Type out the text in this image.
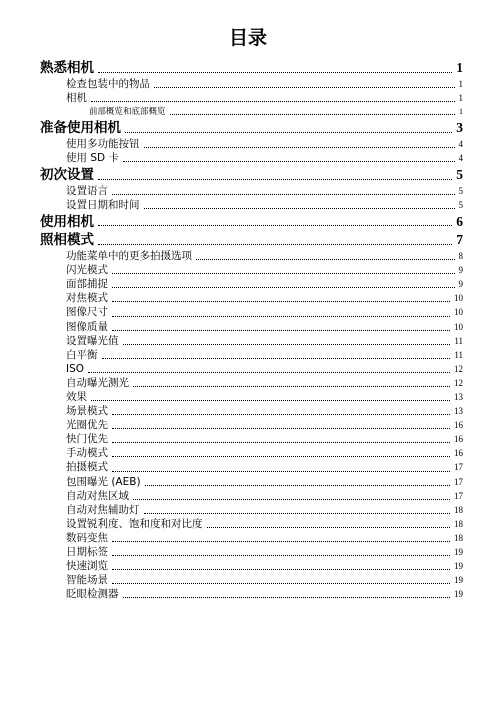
目录
熟悉相机	1
检查包装中的物品	1
相机	1
前部概览和底部概览	1
准备使用相机	3
使用多功能按钮	4
使用 SD 卡	4
初次设置	5
设置语言	5
设置日期和时间	5
使用相机	6
照相模式	7
功能菜单中的更多拍摄选项	8
闪光模式	9
面部捕捉	9
对焦模式	10
图像尺寸	10
图像质量	10
设置曝光值	11
白平衡	11
ISO	12
自动曝光测光	12
效果	13
场景模式	13
光圈优先	16
快门优先	16
手动模式	16
拍摄模式	17
包围曝光 (AEB)	17
自动对焦区域	17
自动对焦辅助灯	18
设置锐利度、饱和度和对比度	18
数码变焦	18
日期标签	19
快速浏览	19
智能场景	19
眨眼检测器	19
